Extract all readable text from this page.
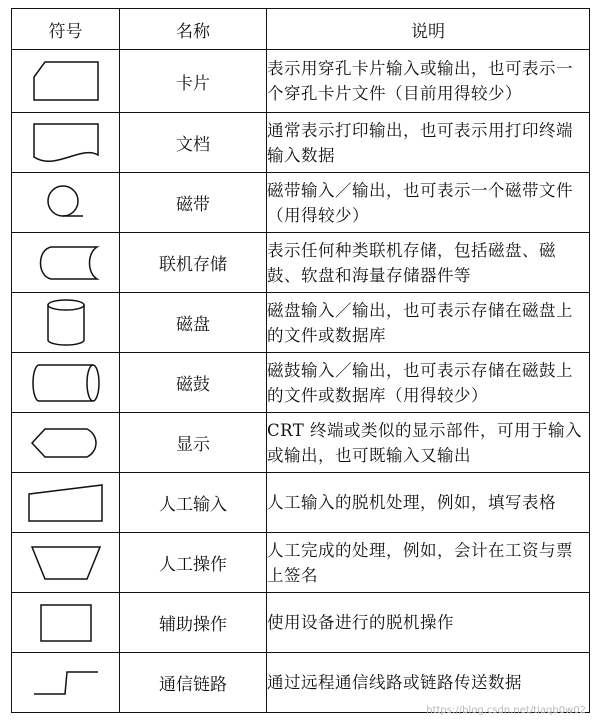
符号	名称	说明

	卡片	表示用穿孔卡片输入或输出，也可表示一个穿孔卡片文件（目前用得较少）

	文档	通常表示打印输出，也可表示用打印终端输入数据

	磁带	磁带输入／输出，也可表示一个磁带文件（用得较少）

	联机存储	表示任何种类联机存储，包括磁盘、磁鼓、软盘和海量存储器件等

	磁盘	磁盘输入／输出，也可表示存储在磁盘上的文件或数据库

	磁鼓	磁鼓输入／输出，也可表示存储在磁鼓上的文件或数据库（用得较少）

	显示	CRT 终端或类似的显示部件，可用于输入或输出，也可既输入又输出

	人工输入	人工输入的脱机处理，例如，填写表格

	人工操作	人工完成的处理，例如，会计在工资与票上签名

	辅助操作	使用设备进行的脱机操作

	通信链路	通过远程通信线路或链路传送数据
https://blog.csdn.net/tiaqb0w02
